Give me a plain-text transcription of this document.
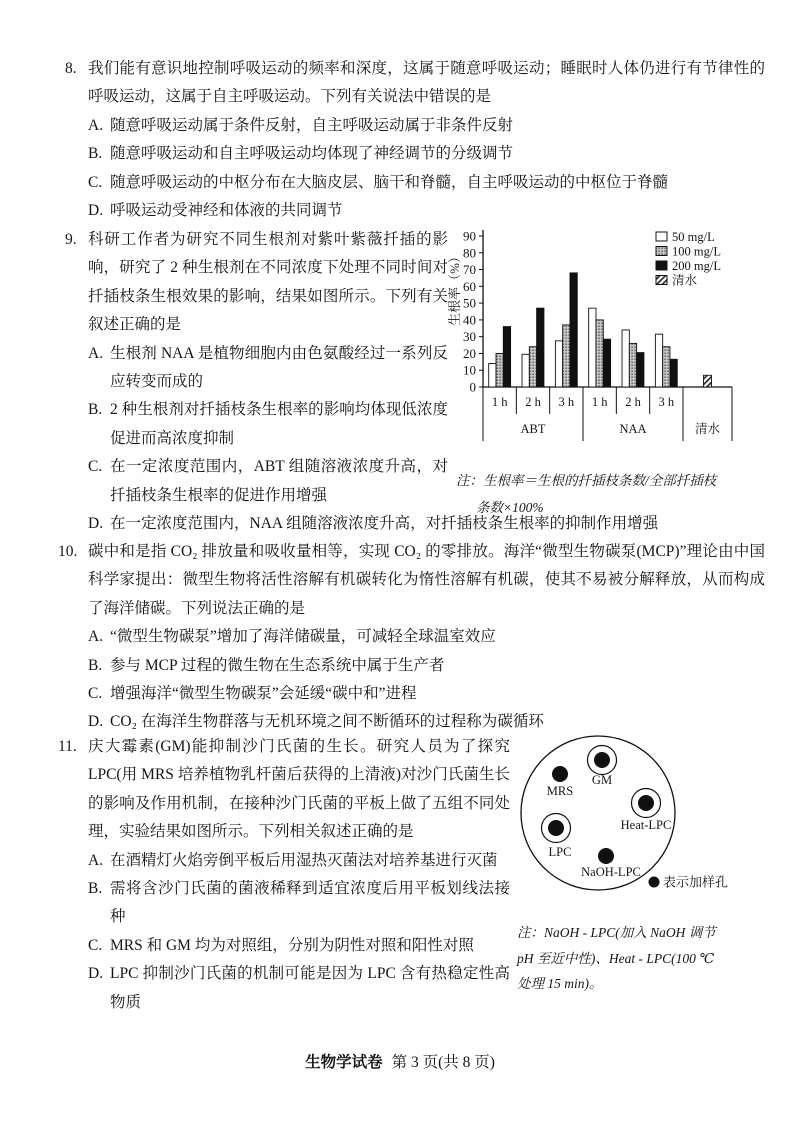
8. 我们能有意识地控制呼吸运动的频率和深度，这属于随意呼吸运动；睡眠时人体仍进行有节律性的呼吸运动，这属于自主呼吸运动。下列有关说法中错误的是
A. 随意呼吸运动属于条件反射，自主呼吸运动属于非条件反射
B. 随意呼吸运动和自主呼吸运动均体现了神经调节的分级调节
C. 随意呼吸运动的中枢分布在大脑皮层、脑干和脊髓，自主呼吸运动的中枢位于脊髓
D. 呼吸运动受神经和体液的共同调节
9. 科研工作者为研究不同生根剂对紫叶紫薇扦插的影响，研究了 2 种生根剂在不同浓度下处理不同时间对扦插枝条生根效果的影响，结果如图所示。下列有关叙述正确的是
A. 生根剂 NAA 是植物细胞内由色氨酸经过一系列反应转变而成的
B. 2 种生根剂对扦插枝条生根率的影响均体现低浓度促进而高浓度抑制
C. 在一定浓度范围内，ABT 组随溶液浓度升高，对扦插枝条生根率的促进作用增强
D. 在一定浓度范围内，NAA 组随溶液浓度升高，对扦插枝条生根率的抑制作用增强
0
10
20
30
40
50
60
70
80
90
生根率（%）
50 mg/L
100 mg/L
200 mg/L
清水
1 h 2 h 3 h 1 h 2 h 3 h
ABT	NAA	清水
注：生根率＝生根的扦插枝条数/全部扦插枝
条数×100%
10. 碳中和是指 CO₂ 排放量和吸收量相等，实现 CO₂ 的零排放。海洋“微型生物碳泵(MCP)”理论由中国科学家提出：微型生物将活性溶解有机碳转化为惰性溶解有机碳，使其不易被分解释放，从而构成了海洋储碳。下列说法正确的是
A. “微型生物碳泵”增加了海洋储碳量，可减轻全球温室效应
B. 参与 MCP 过程的微生物在生态系统中属于生产者
C. 增强海洋“微型生物碳泵”会延缓“碳中和”进程
D. CO₂ 在海洋生物群落与无机环境之间不断循环的过程称为碳循环
11. 庆大霉素(GM)能抑制沙门氏菌的生长。研究人员为了探究 LPC(用 MRS 培养植物乳杆菌后获得的上清液)对沙门氏菌生长的影响及作用机制，在接种沙门氏菌的平板上做了五组不同处理，实验结果如图所示。下列相关叙述正确的是
A. 在酒精灯火焰旁倒平板后用湿热灭菌法对培养基进行灭菌
B. 需将含沙门氏菌的菌液稀释到适宜浓度后用平板划线法接种
C. MRS 和 GM 均为对照组，分别为阴性对照和阳性对照
D. LPC 抑制沙门氏菌的机制可能是因为 LPC 含有热稳定性高物质
MRS
GM
Heat-LPC
LPC
NaOH-LPC
表示加样孔
注：NaOH - LPC(加入 NaOH 调节
pH 至近中性)、Heat - LPC(100 ℃
处理 15 min)。
生物学试卷 第 3 页(共 8 页)
